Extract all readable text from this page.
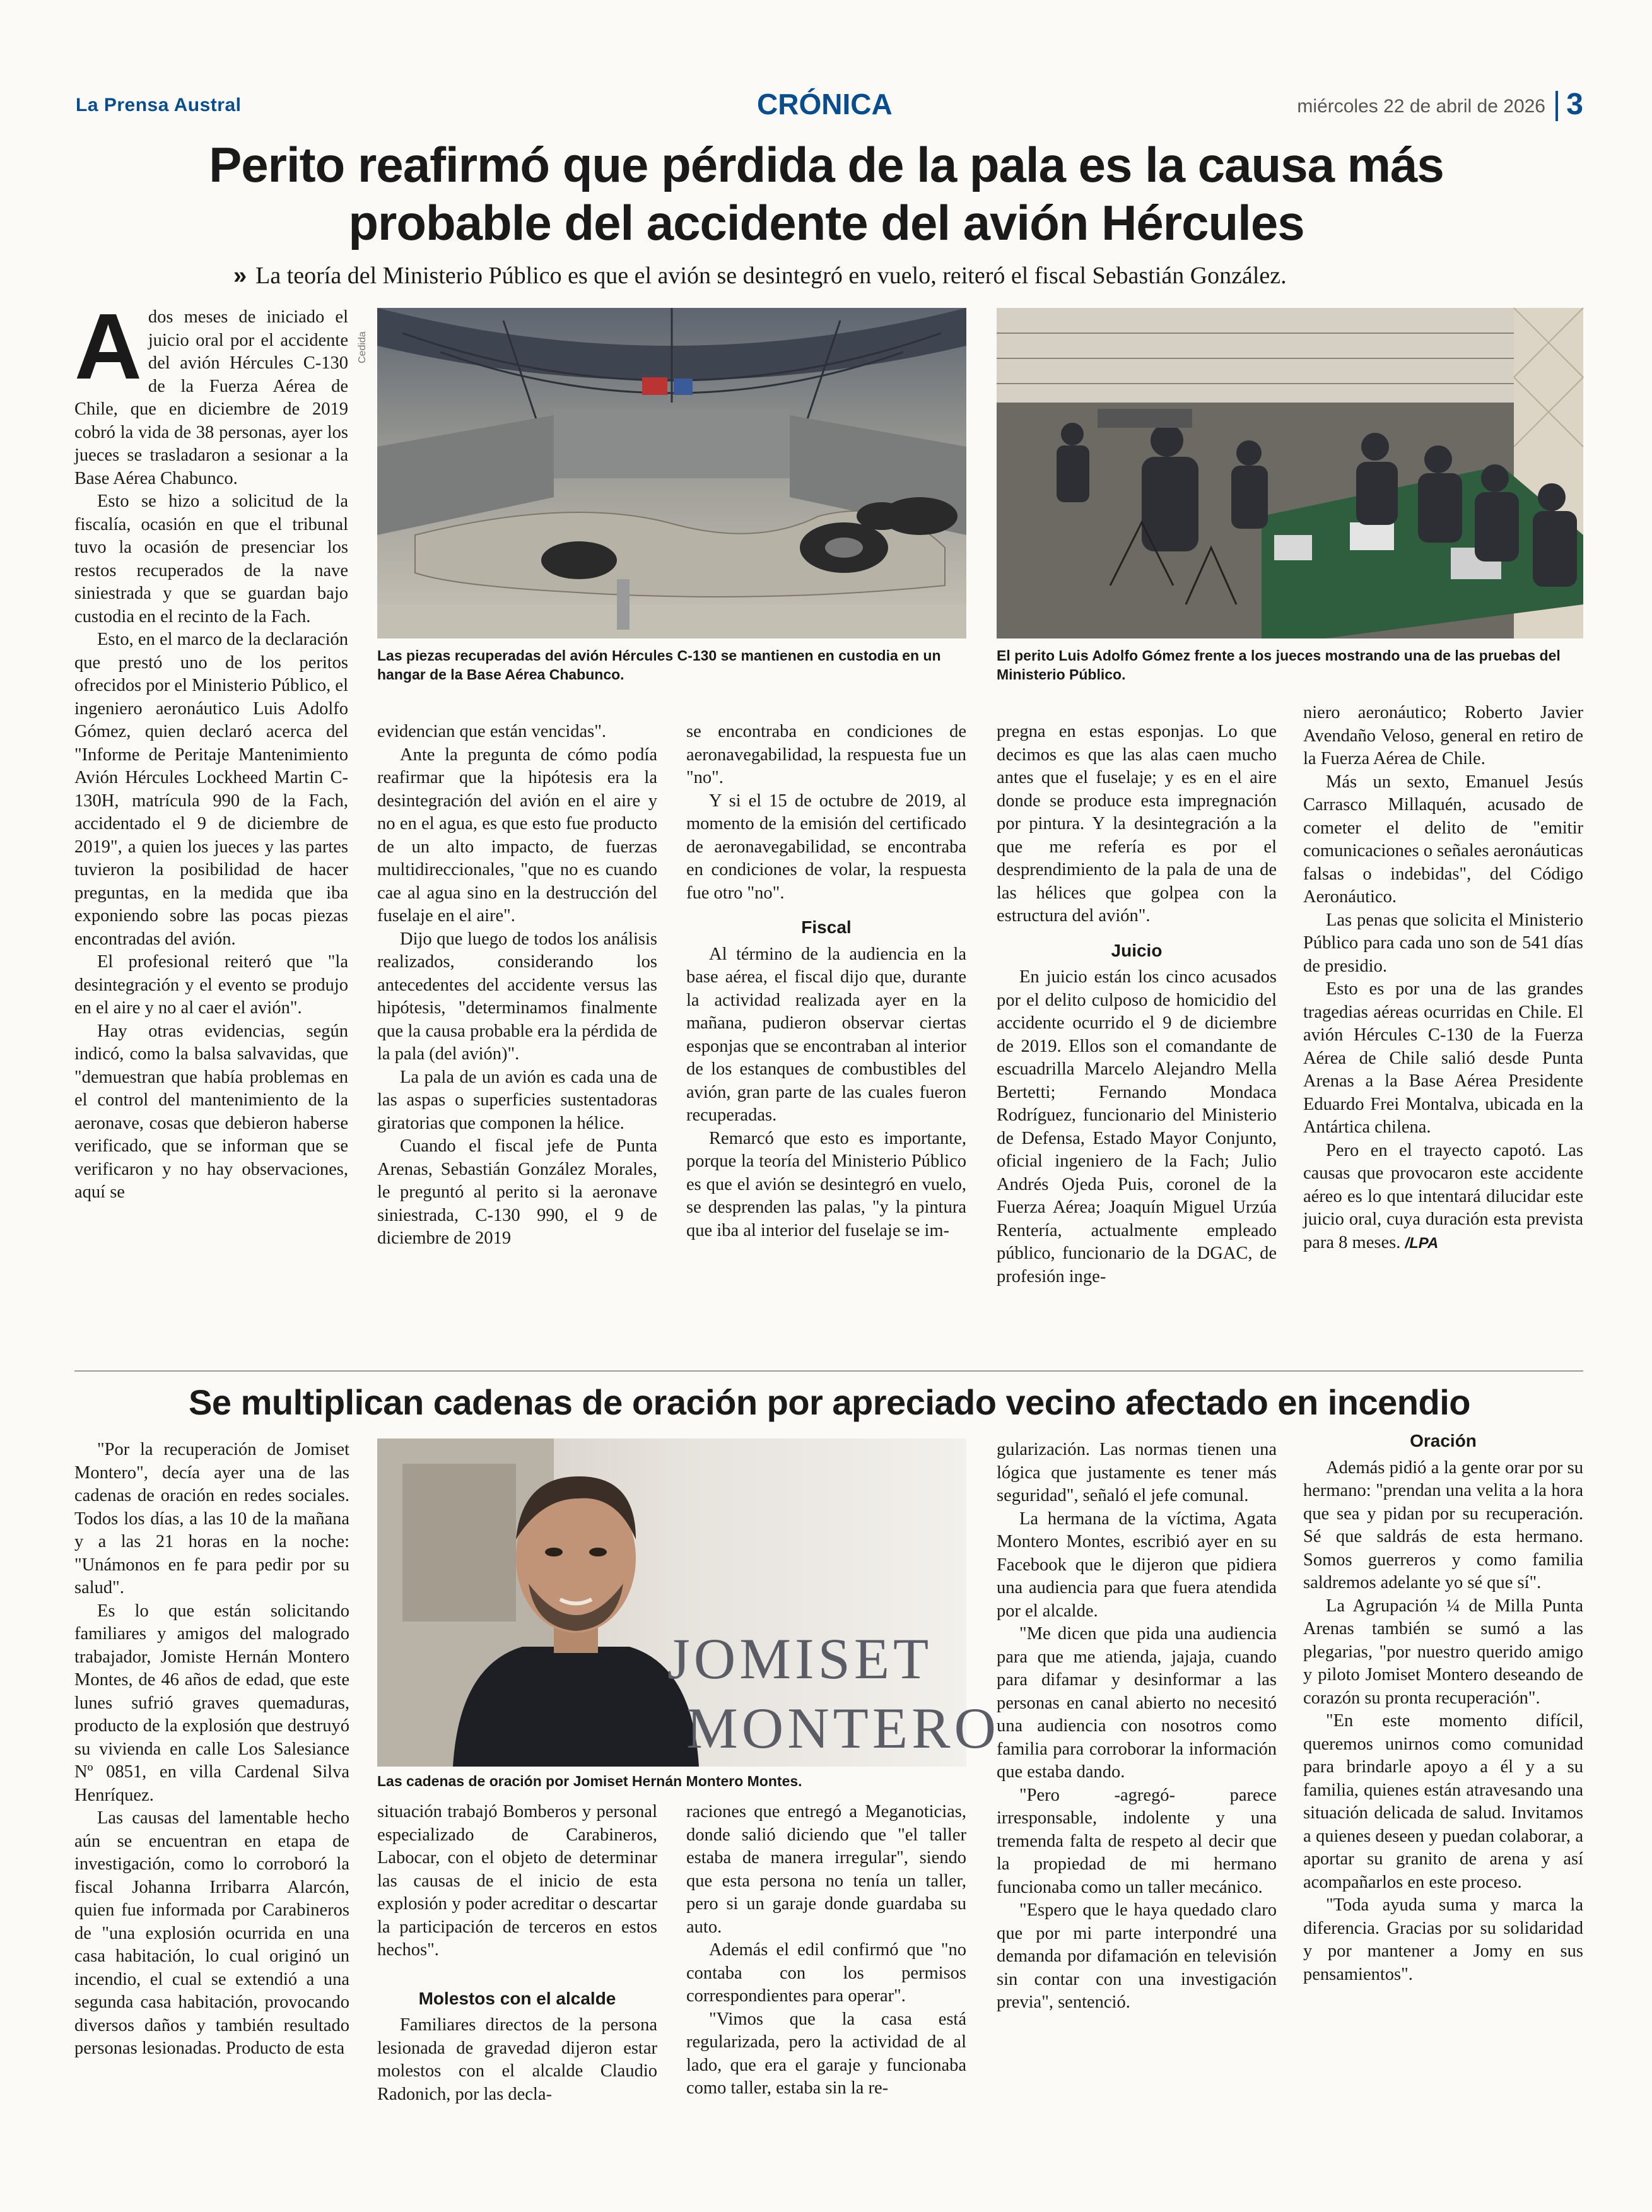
La Prensa Austral	CRÓNICA	miércoles 22 de abril de 2026 3
Perito reafirmó que pérdida de la pala es la causa más probable del accidente del avión Hércules
» La teoría del Ministerio Público es que el avión se desintegró en vuelo, reiteró el fiscal Sebastián González.

Ados meses de iniciado el juicio oral por el accidente del avión Hércules C-130 de la Fuerza Aérea de Chile, que en diciembre de 2019 cobró la vida de 38 personas, ayer los jueces se trasladaron a sesionar a la Base Aérea Chabunco.

Esto se hizo a solicitud de la fiscalía, ocasión en que el tribunal tuvo la ocasión de presenciar los restos recuperados de la nave siniestrada y que se guardan bajo custodia en el recinto de la Fach.

Esto, en el marco de la declaración que prestó uno de los peritos ofrecidos por el Ministerio Público, el ingeniero aeronáutico Luis Adolfo Gómez, quien declaró acerca del "Informe de Peritaje Mantenimiento Avión Hércules Lockheed Martin C-130H, matrícula 990 de la Fach, accidentado el 9 de diciembre de 2019", a quien los jueces y las partes tuvieron la posibilidad de hacer preguntas, en la medida que iba exponiendo sobre las pocas piezas encontradas del avión.

El profesional reiteró que "la desintegración y el evento se produjo en el aire y no al caer el avión".

Hay otras evidencias, según indicó, como la balsa salvavidas, que "demuestran que había problemas en el control del mantenimiento de la aeronave, cosas que debieron haberse verificado, que se informan que se verificaron y no hay observaciones, aquí se

Cedida
Las piezas recuperadas del avión Hércules C-130 se mantienen en custodia en un hangar de la Base Aérea Chabunco.
El perito Luis Adolfo Gómez frente a los jueces mostrando una de las pruebas del Ministerio Público.

evidencian que están vencidas".

Ante la pregunta de cómo podía reafirmar que la hipótesis era la desintegración del avión en el aire y no en el agua, es que esto fue producto de un alto impacto, de fuerzas multidireccionales, "que no es cuando cae al agua sino en la destrucción del fuselaje en el aire".

Dijo que luego de todos los análisis realizados, considerando los antecedentes del accidente versus las hipótesis, "determinamos finalmente que la causa probable era la pérdida de la pala (del avión)".

La pala de un avión es cada una de las aspas o superficies sustentadoras giratorias que componen la hélice.

Cuando el fiscal jefe de Punta Arenas, Sebastián González Morales, le preguntó al perito si la aeronave siniestrada, C-130 990, el 9 de diciembre de 2019

se encontraba en condiciones de aeronavegabilidad, la respuesta fue un "no".

Y si el 15 de octubre de 2019, al momento de la emisión del certificado de aeronavegabilidad, se encontraba en condiciones de volar, la respuesta fue otro "no".

Fiscal

Al término de la audiencia en la base aérea, el fiscal dijo que, durante la actividad realizada ayer en la mañana, pudieron observar ciertas esponjas que se encontraban al interior de los estanques de combustibles del avión, gran parte de las cuales fueron recuperadas.

Remarcó que esto es importante, porque la teoría del Ministerio Público es que el avión se desintegró en vuelo, se desprenden las palas, "y la pintura que iba al interior del fuselaje se im-

pregna en estas esponjas. Lo que decimos es que las alas caen mucho antes que el fuselaje; y es en el aire donde se produce esta impregnación por pintura. Y la desintegración a la que me refería es por el desprendimiento de la pala de una de las hélices que golpea con la estructura del avión".

Juicio

En juicio están los cinco acusados por el delito culposo de homicidio del accidente ocurrido el 9 de diciembre de 2019. Ellos son el comandante de escuadrilla Marcelo Alejandro Mella Bertetti; Fernando Mondaca Rodríguez, funcionario del Ministerio de Defensa, Estado Mayor Conjunto, oficial ingeniero de la Fach; Julio Andrés Ojeda Puis, coronel de la Fuerza Aérea; Joaquín Miguel Urzúa Rentería, actualmente empleado público, funcionario de la DGAC, de profesión inge-

niero aeronáutico; Roberto Javier Avendaño Veloso, general en retiro de la Fuerza Aérea de Chile.

Más un sexto, Emanuel Jesús Carrasco Millaquén, acusado de cometer el delito de "emitir comunicaciones o señales aeronáuticas falsas o indebidas", del Código Aeronáutico.

Las penas que solicita el Ministerio Público para cada uno son de 541 días de presidio.

Esto es por una de las grandes tragedias aéreas ocurridas en Chile. El avión Hércules C-130 de la Fuerza Aérea de Chile salió desde Punta Arenas a la Base Aérea Presidente Eduardo Frei Montalva, ubicada en la Antártica chilena.

Pero en el trayecto capotó. Las causas que provocaron este accidente aéreo es lo que intentará dilucidar este juicio oral, cuya duración esta prevista para 8 meses. /LPA

Se multiplican cadenas de oración por apreciado vecino afectado en incendio

"Por la recuperación de Jomiset Montero", decía ayer una de las cadenas de oración en redes sociales. Todos los días, a las 10 de la mañana y a las 21 horas en la noche: "Unámonos en fe para pedir por su salud".

Es lo que están solicitando familiares y amigos del malogrado trabajador, Jomiste Hernán Montero Montes, de 46 años de edad, que este lunes sufrió graves quemaduras, producto de la explosión que destruyó su vivienda en calle Los Salesiance Nº 0851, en villa Cardenal Silva Henríquez.

Las causas del lamentable hecho aún se encuentran en etapa de investigación, como lo corroboró la fiscal Johanna Irribarra Alarcón, quien fue informada por Carabineros de "una explosión ocurrida en una casa habitación, lo cual originó un incendio, el cual se extendió a una segunda casa habitación, provocando diversos daños y también resultado personas lesionadas. Producto de esta

JOMISET
MONTERO
Las cadenas de oración por Jomiset Hernán Montero Montes.

situación trabajó Bomberos y personal especializado de Carabineros, Labocar, con el objeto de determinar las causas de el inicio de esta explosión y poder acreditar o descartar la participación de terceros en estos hechos".

Molestos con el alcalde

Familiares directos de la persona lesionada de gravedad dijeron estar molestos con el alcalde Claudio Radonich, por las decla-

raciones que entregó a Meganoticias, donde salió diciendo que "el taller estaba de manera irregular", siendo que esta persona no tenía un taller, pero si un garaje donde guardaba su auto.

Además el edil confirmó que "no contaba con los permisos correspondientes para operar".

"Vimos que la casa está regularizada, pero la actividad de al lado, que era el garaje y funcionaba como taller, estaba sin la re-

gularización. Las normas tienen una lógica que justamente es tener más seguridad", señaló el jefe comunal.

La hermana de la víctima, Agata Montero Montes, escribió ayer en su Facebook que le dijeron que pidiera una audiencia para que fuera atendida por el alcalde.

"Me dicen que pida una audiencia para que me atienda, jajaja, cuando para difamar y desinformar a las personas en canal abierto no necesitó una audiencia con nosotros como familia para corroborar la información que estaba dando.

"Pero -agregó- parece irresponsable, indolente y una tremenda falta de respeto al decir que la propiedad de mi hermano funcionaba como un taller mecánico.

"Espero que le haya quedado claro que por mi parte interpondré una demanda por difamación en televisión sin contar con una investigación previa", sentenció.

Oración

Además pidió a la gente orar por su hermano: "prendan una velita a la hora que sea y pidan por su recuperación. Sé que saldrás de esta hermano. Somos guerreros y como familia saldremos adelante yo sé que sí".

La Agrupación ¼ de Milla Punta Arenas también se sumó a las plegarias, "por nuestro querido amigo y piloto Jomiset Montero deseando de corazón su pronta recuperación".

"En este momento difícil, queremos unirnos como comunidad para brindarle apoyo a él y a su familia, quienes están atravesando una situación delicada de salud. Invitamos a quienes deseen y puedan colaborar, a aportar su granito de arena y así acompañarlos en este proceso.

"Toda ayuda suma y marca la diferencia. Gracias por su solidaridad y por mantener a Jomy en sus pensamientos".
